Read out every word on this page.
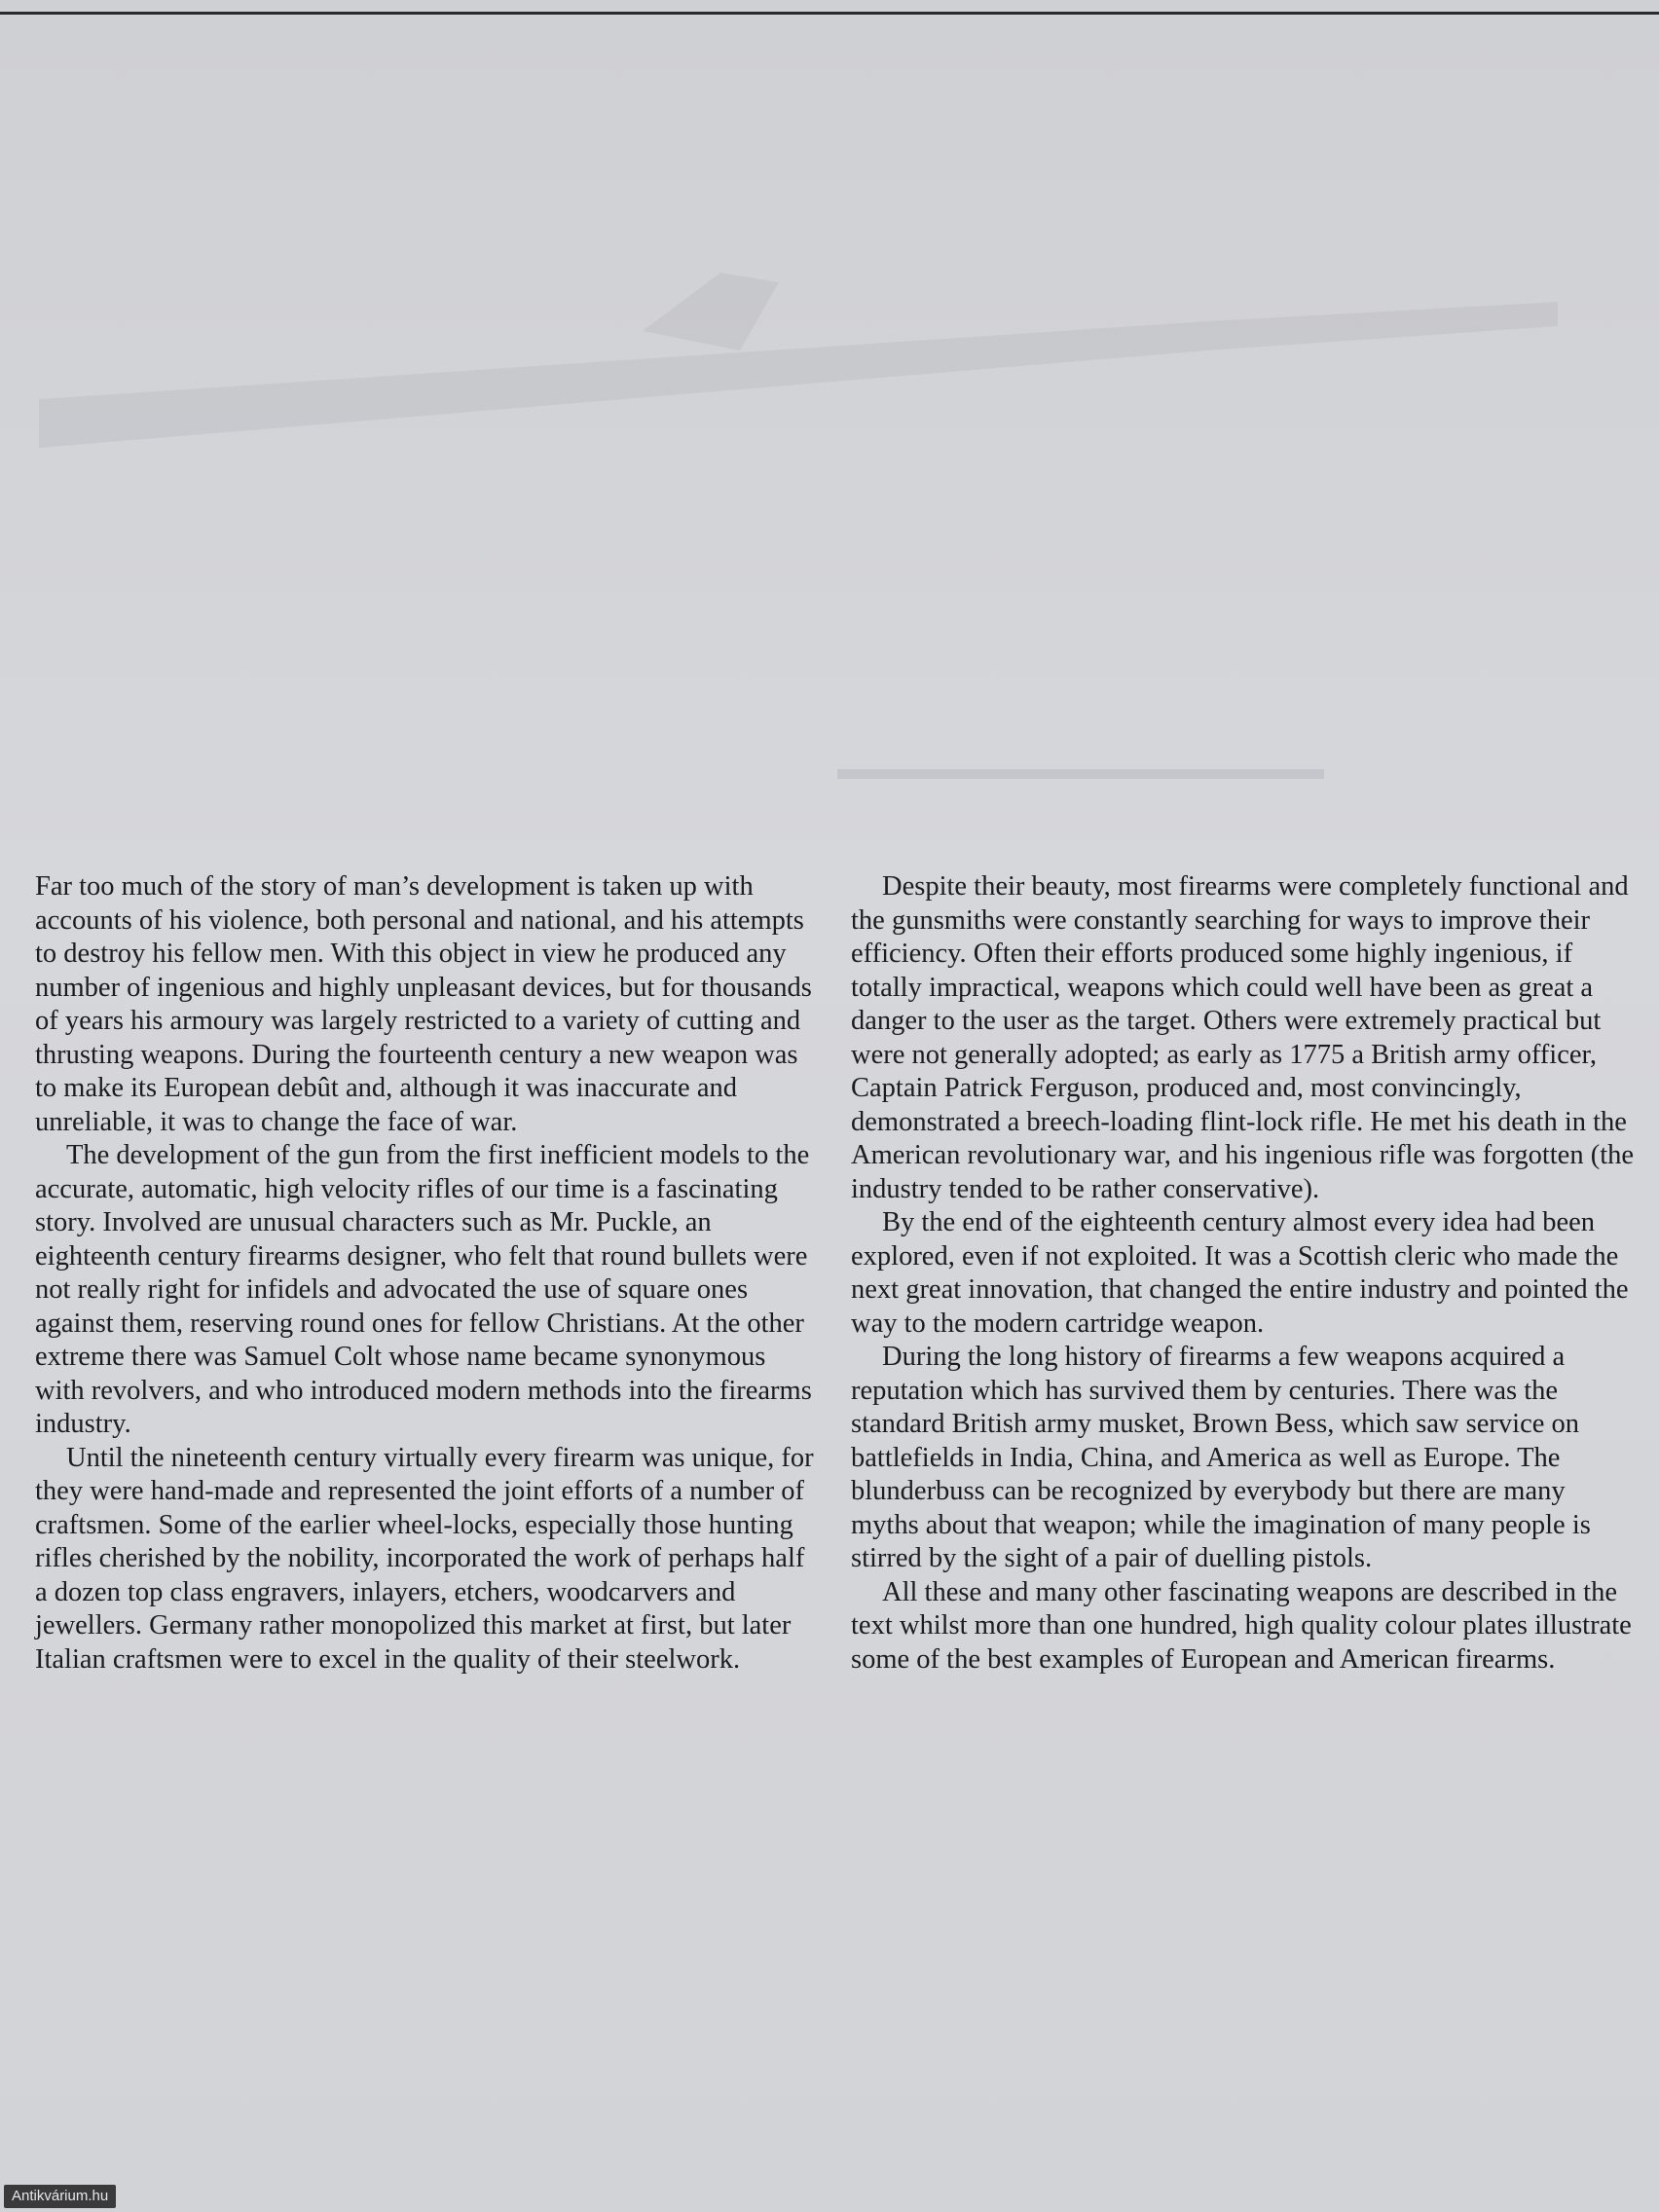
Far too much of the story of man’s development is taken up with accounts of his violence, both personal and national, and his attempts to destroy his fellow men. With this object in view he produced any number of ingenious and highly unpleasant devices, but for thousands of years his armoury was largely restricted to a variety of cutting and thrusting weapons. During the fourteenth century a new weapon was to make its European debût and, although it was inaccurate and unreliable, it was to change the face of war.

The development of the gun from the first inefficient models to the accurate, automatic, high velocity rifles of our time is a fascinating story. Involved are unusual characters such as Mr. Puckle, an eighteenth century firearms designer, who felt that round bullets were not really right for infidels and advocated the use of square ones against them, reserving round ones for fellow Christians. At the other extreme there was Samuel Colt whose name became synonymous with revolvers, and who introduced modern methods into the firearms industry.

Until the nineteenth century virtually every firearm was unique, for they were hand-made and represented the joint efforts of a number of craftsmen. Some of the earlier wheel-locks, especially those hunting rifles cherished by the nobility, incorporated the work of perhaps half a dozen top class engravers, inlayers, etchers, woodcarvers and jewellers. Germany rather monopolized this market at first, but later Italian craftsmen were to excel in the quality of their steelwork.

Despite their beauty, most firearms were completely functional and the gunsmiths were constantly searching for ways to improve their efficiency. Often their efforts produced some highly ingenious, if totally impractical, weapons which could well have been as great a danger to the user as the target. Others were extremely practical but were not generally adopted; as early as 1775 a British army officer, Captain Patrick Ferguson, produced and, most convincingly, demonstrated a breech-loading flint-lock rifle. He met his death in the American revolutionary war, and his ingenious rifle was forgotten (the industry tended to be rather conservative).

By the end of the eighteenth century almost every idea had been explored, even if not exploited. It was a Scottish cleric who made the next great innovation, that changed the entire industry and pointed the way to the modern cartridge weapon.

During the long history of firearms a few weapons acquired a reputation which has survived them by centuries. There was the standard British army musket, Brown Bess, which saw service on battlefields in India, China, and America as well as Europe. The blunderbuss can be recognized by everybody but there are many myths about that weapon; while the imagination of many people is stirred by the sight of a pair of duelling pistols.

All these and many other fascinating weapons are described in the text whilst more than one hundred, high quality colour plates illustrate some of the best examples of European and American firearms.

Antikvárium.hu
